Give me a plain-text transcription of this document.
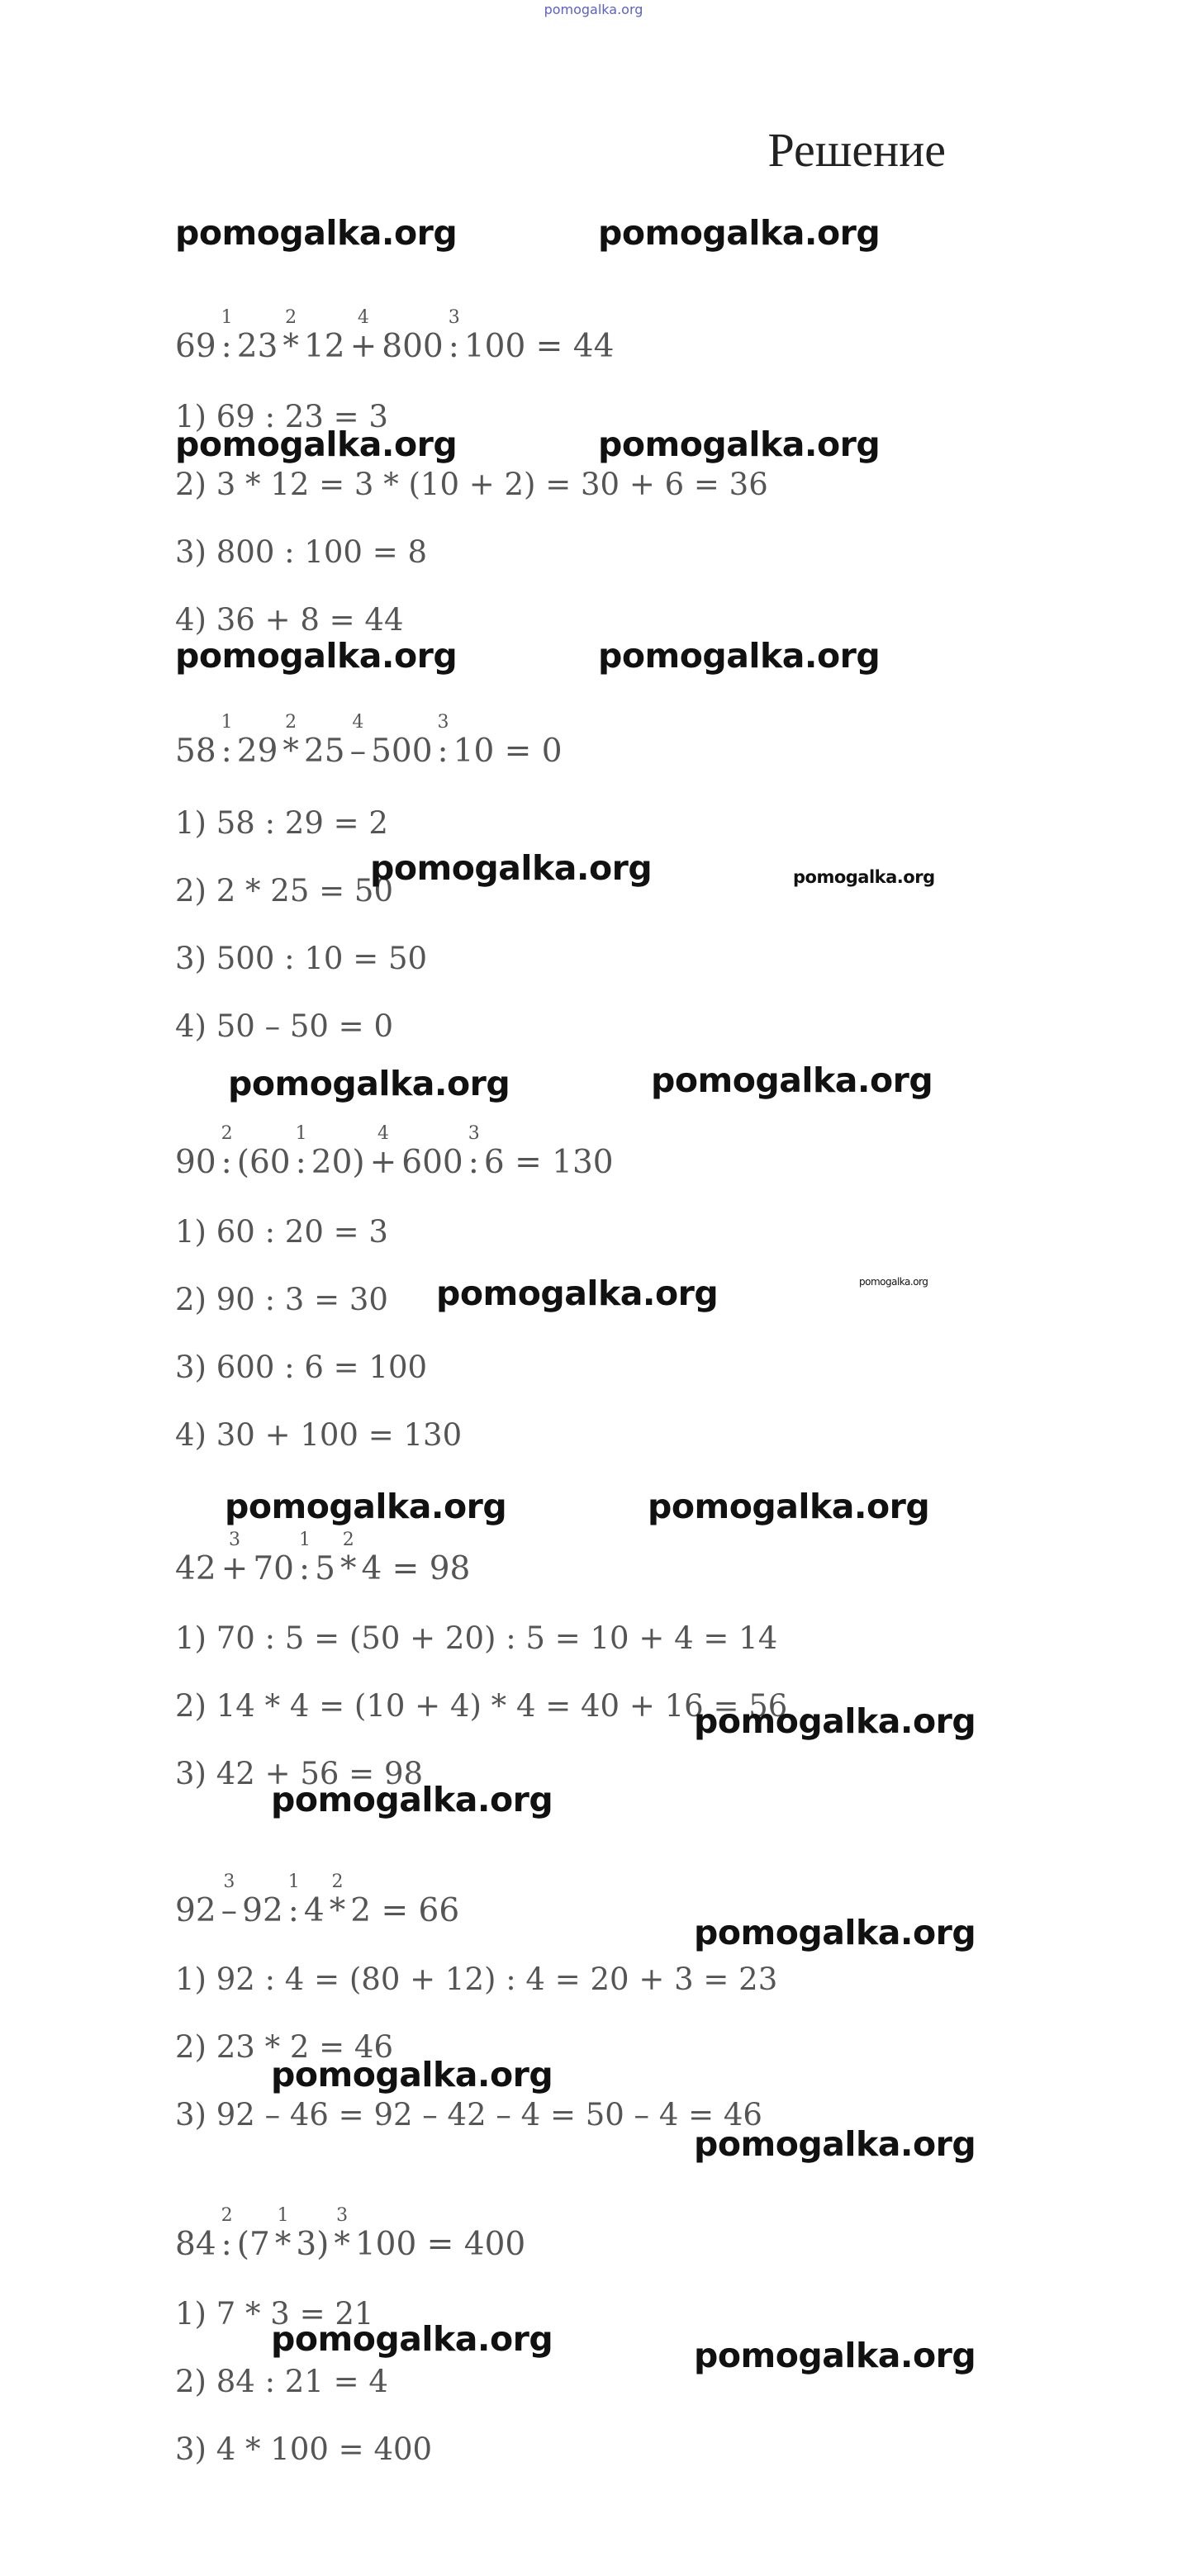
pomogalka.org
Решение
69
1
: 23
2
* 12
4
+ 800
3
: 100 = 44
1) 69 : 23 = 3
2) 3 * 12 = 3 * (10 + 2) = 30 + 6 = 36
3) 800 : 100 = 8
4) 36 + 8 = 44
58
1
: 29
2
* 25
4
– 500
3
: 10 = 0
1) 58 : 29 = 2
2) 2 * 25 = 50
3) 500 : 10 = 50
4) 50 – 50 = 0
90
2
: (60
1
: 20)
4
+ 600
3
: 6 = 130
1) 60 : 20 = 3
2) 90 : 3 = 30
3) 600 : 6 = 100
4) 30 + 100 = 130
42
3
+ 70
1
: 5
2
* 4 = 98
1) 70 : 5 = (50 + 20) : 5 = 10 + 4 = 14
2) 14 * 4 = (10 + 4) * 4 = 40 + 16 = 56
3) 42 + 56 = 98
92
3
– 92
1
: 4
2
* 2 = 66
1) 92 : 4 = (80 + 12) : 4 = 20 + 3 = 23
2) 23 * 2 = 46
3) 92 – 46 = 92 – 42 – 4 = 50 – 4 = 46
84
2
: (7
1
* 3)
3
* 100 = 400
1) 7 * 3 = 21
2) 84 : 21 = 4
3) 4 * 100 = 400
pomogalka.org	pomogalka.org
pomogalka.org	pomogalka.org
pomogalka.org	pomogalka.org
pomogalka.org	pomogalka.org
pomogalka.org	pomogalka.org
pomogalka.org	pomogalka.org
pomogalka.org	pomogalka.org
pomogalka.org
pomogalka.org
pomogalka.org
pomogalka.org
pomogalka.org
pomogalka.org	pomogalka.org
